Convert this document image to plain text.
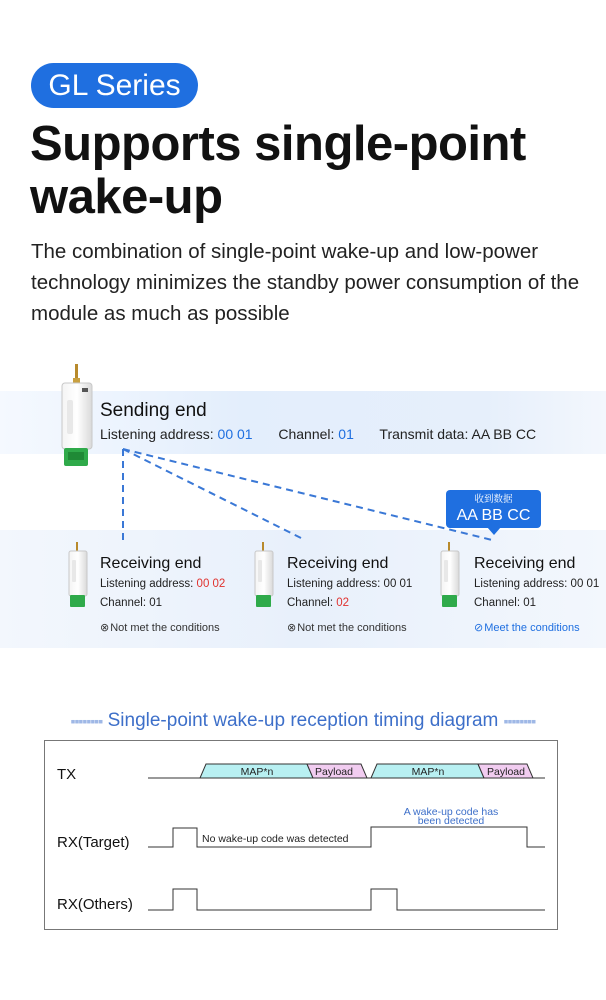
GL Series
Supports single-point wake-up
The combination of single-point wake-up and low-power technology minimizes the standby power consumption of the module as much as possible
Sending end
Listening address: 00 01 Channel: 01 Transmit data: AA BB CC
收到数据
AA BB CC
Receiving end
Listening address: 00 02
Channel: 01
Receiving end
Listening address: 00 01
Channel: 02
Receiving end
Listening address: 00 01
Channel: 01
⊗Not met the conditions	⊗Not met the conditions	⊘Meet the conditions
▪▪▪▪▪▪▪▪ Single-point wake-up reception timing diagram ▪▪▪▪▪▪▪▪
TX
RX(Target)
RX(Others)
MAP*n	Payload	MAP*n	Payload
No wake-up code was detected
A wake-up code has
been detected
